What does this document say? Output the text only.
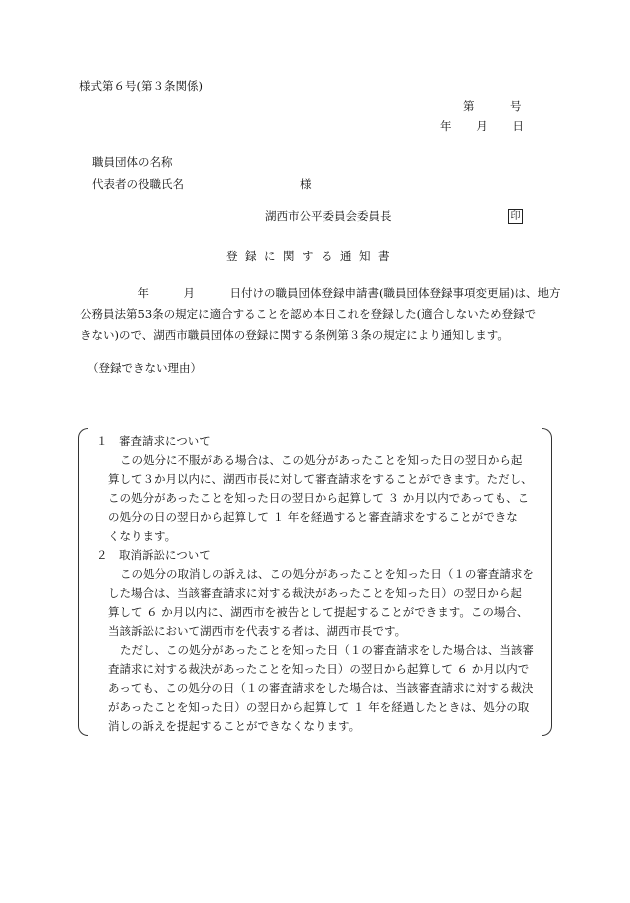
様式第６号(第３条関係)
第	号
年 月 日
職員団体の名称
代表者の役職氏名	様
湖西市公平委員会委員長	印
登録に関する通知書

　　　　　年　　　月　　　日付けの職員団体登録申請書(職員団体登録事項変更届)は、地方

公務員法第53条の規定に適合することを認め本日これを登録した(適合しないため登録で

きない)ので、湖西市職員団体の登録に関する条例第３条の規定により通知します。

（登録できない理由）

１　審査請求について

この処分に不服がある場合は、この処分があったことを知った日の翌日から起

算して３か月以内に、湖西市長に対して審査請求をすることができます。ただし、

この処分があったことを知った日の翌日から起算して ３ か月以内であっても、こ

の処分の日の翌日から起算して １ 年を経過すると審査請求をすることができな

くなります。

２　取消訴訟について

この処分の取消しの訴えは、この処分があったことを知った日（１の審査請求を

した場合は、当該審査請求に対する裁決があったことを知った日）の翌日から起

算して ６ か月以内に、湖西市を被告として提起することができます。この場合、

当該訴訟において湖西市を代表する者は、湖西市長です。

ただし、この処分があったことを知った日（１の審査請求をした場合は、当該審

査請求に対する裁決があったことを知った日）の翌日から起算して ６ か月以内で

あっても、この処分の日（１の審査請求をした場合は、当該審査請求に対する裁決

があったことを知った日）の翌日から起算して １ 年を経過したときは、処分の取

消しの訴えを提起することができなくなります。
